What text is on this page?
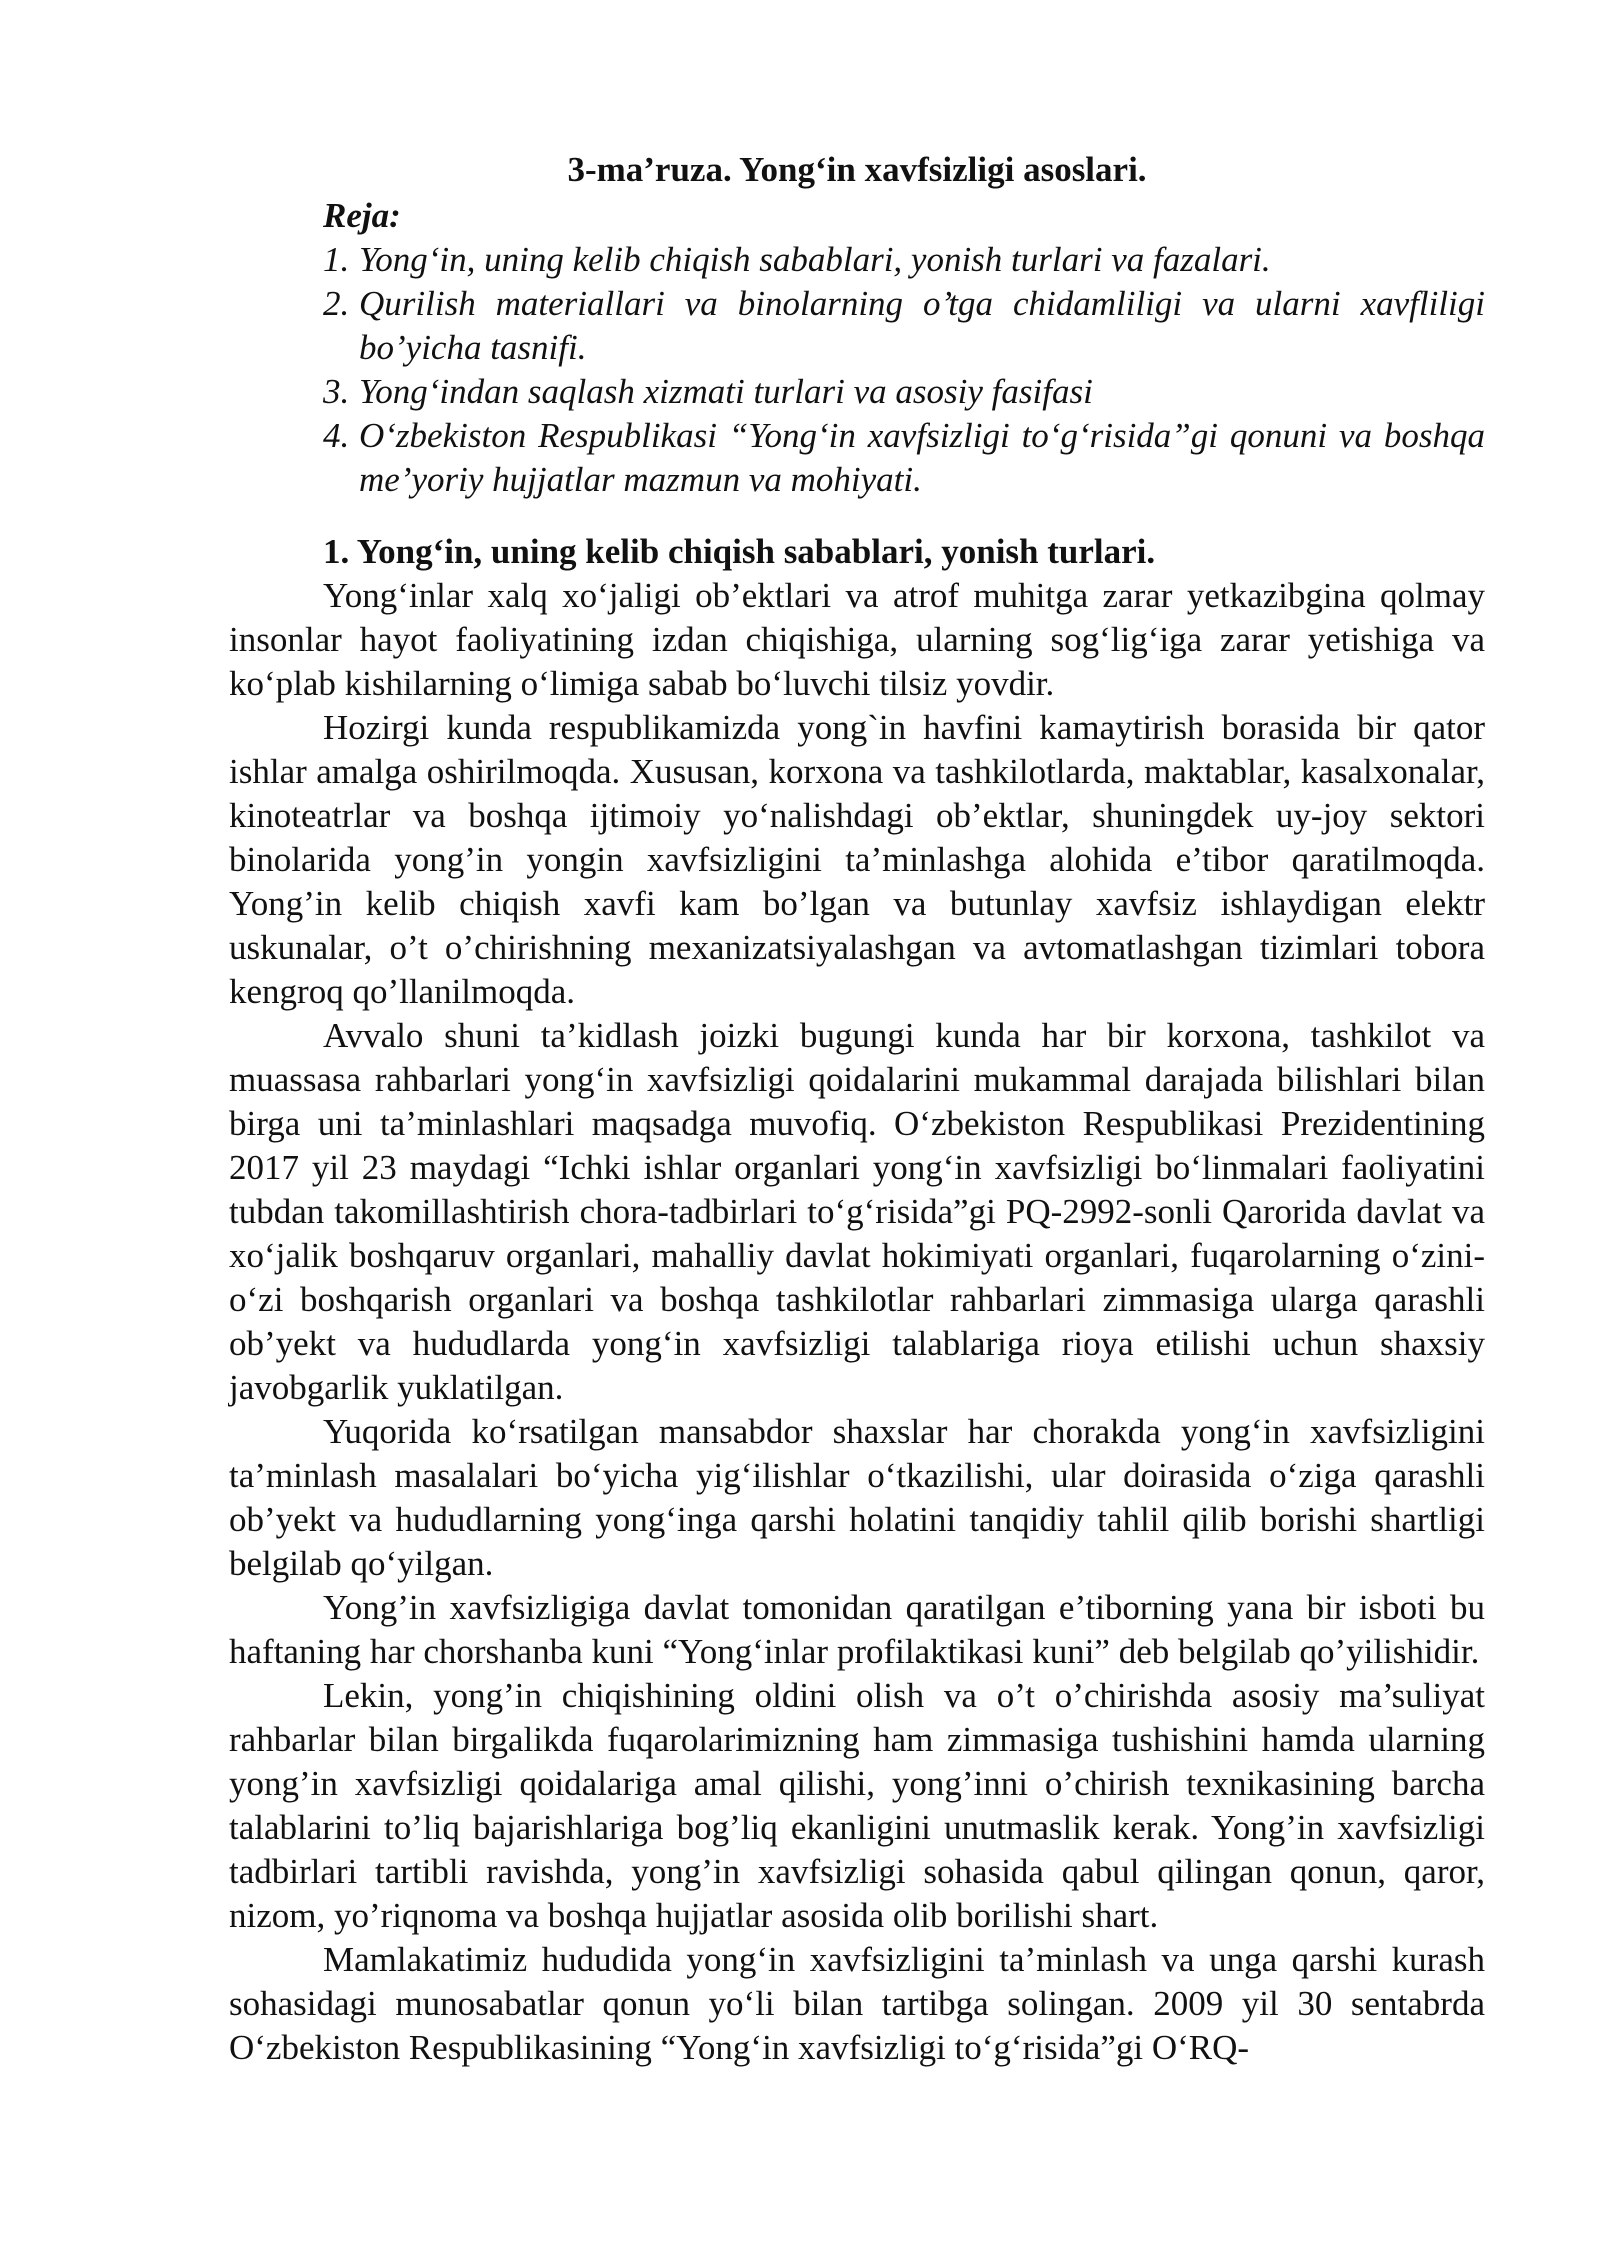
3-ma’ruza. Yong‘in xavfsizligi asoslari.

Reja:

1. Yong‘in, uning kelib chiqish sabablari, yonish turlari va fazalari.
2. Qurilish materiallari va binolarning o’tga chidamliligi va ularni xavfliligi bo’yicha tasnifi.
3. Yong‘indan saqlash xizmati turlari va asosiy fasifasi
4. O‘zbekiston Respublikasi “Yong‘in xavfsizligi to‘g‘risida”gi qonuni va boshqa me’yoriy hujjatlar mazmun va mohiyati.
1. Yong‘in, uning kelib chiqish sabablari, yonish turlari.

Yong‘inlar xalq xo‘jaligi ob’ektlari va atrof muhitga zarar yetkazibgina qolmay insonlar hayot faoliyatining izdan chiqishiga, ularning sog‘lig‘iga zarar yetishiga va ko‘plab kishilarning o‘limiga sabab bo‘luvchi tilsiz yovdir.

Hozirgi kunda respublikamizda yong`in havfini kamaytirish borasida bir qator ishlar amalga oshirilmoqda. Xususan, korxona va tashkilotlarda, maktablar, kasalxonalar, kinoteatrlar va boshqa ijtimoiy yo‘nalishdagi ob’ektlar, shuningdek uy-joy sektori binolarida yong’in yongin xavfsizligini ta’minlashga alohida e’tibor qaratilmoqda. Yong’in kelib chiqish xavfi kam bo’lgan va butunlay xavfsiz ishlaydigan elektr uskunalar, o’t o’chirishning mexanizatsiyalashgan va avtomatlashgan tizimlari tobora kengroq qo’llanilmoqda.

Avvalo shuni ta’kidlash joizki bugungi kunda har bir korxona, tashkilot va muassasa rahbarlari yong‘in xavfsizligi qoidalarini mukammal darajada bilishlari bilan birga uni ta’minlashlari maqsadga muvofiq. O‘zbekiston Respublikasi Prezidentining 2017 yil 23 maydagi “Ichki ishlar organlari yong‘in xavfsizligi bo‘linmalari faoliyatini tubdan takomillashtirish chora-tadbirlari to‘g‘risida”gi PQ-2992-sonli Qarorida davlat va xo‘jalik boshqaruv organlari, mahalliy davlat hokimiyati organlari, fuqarolarning o‘zini-o‘zi boshqarish organlari va boshqa tashkilotlar rahbarlari zimmasiga ularga qarashli ob’yekt va hududlarda yong‘in xavfsizligi talablariga rioya etilishi uchun shaxsiy javobgarlik yuklatilgan.

Yuqorida ko‘rsatilgan mansabdor shaxslar har chorakda yong‘in xavfsizligini ta’minlash masalalari bo‘yicha yig‘ilishlar o‘tkazilishi, ular doirasida o‘ziga qarashli ob’yekt va hududlarning yong‘inga qarshi holatini tanqidiy tahlil qilib borishi shartligi belgilab qo‘yilgan.

Yong’in xavfsizligiga davlat tomonidan qaratilgan e’tiborning yana bir isboti bu haftaning har chorshanba kuni “Yong‘inlar profilaktikasi kuni” deb belgilab qo’yilishidir.

Lekin, yong’in chiqishining oldini olish va o’t o’chirishda asosiy ma’suliyat rahbarlar bilan birgalikda fuqarolarimizning ham zimmasiga tushishini hamda ularning yong’in xavfsizligi qoidalariga amal qilishi, yong’inni o’chirish texnikasining barcha talablarini to’liq bajarishlariga bog’liq ekanligini unutmaslik kerak. Yong’in xavfsizligi tadbirlari tartibli ravishda, yong’in xavfsizligi sohasida qabul qilingan qonun, qaror, nizom, yo’riqnoma va boshqa hujjatlar asosida olib borilishi shart.

Mamlakatimiz hududida yong‘in xavfsizligini ta’minlash va unga qarshi kurash sohasidagi munosabatlar qonun yo‘li bilan tartibga solingan. 2009 yil 30 sentabrda O‘zbekiston Respublikasining “Yong‘in xavfsizligi to‘g‘risida”gi O‘RQ-
